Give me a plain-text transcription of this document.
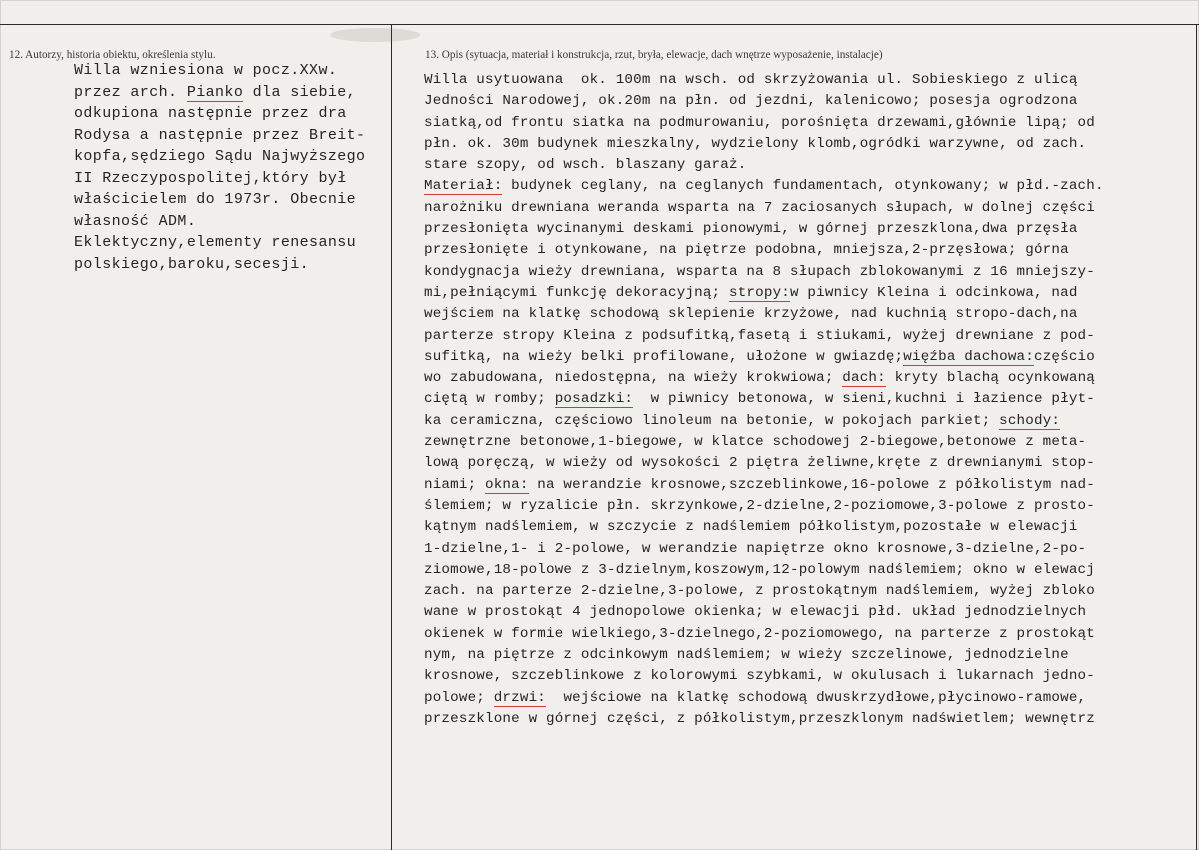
12. Autorzy, historia obiektu, określenia stylu.	13. Opis (sytuacja, materiał i konstrukcja, rzut, bryła, elewacje, dach wnętrze wyposażenie, instalacje)
Willa wzniesiona w pocz.XXw.
przez arch. Pianko dla siebie,
odkupiona następnie przez dra
Rodysa a następnie przez Breit-
kopfa,sędziego Sądu Najwyższego
II Rzeczypospolitej,który był
właścicielem do 1973r. Obecnie
własność ADM.
Eklektyczny,elementy renesansu
polskiego,baroku,secesji.
Willa usytuowana  ok. 100m na wsch. od skrzyżowania ul. Sobieskiego z ulicą
Jedności Narodowej, ok.20m na płn. od jezdni, kalenicowo; posesja ogrodzona
siatką,od frontu siatka na podmurowaniu, porośnięta drzewami,głównie lipą; od
płn. ok. 30m budynek mieszkalny, wydzielony klomb,ogródki warzywne, od zach.
stare szopy, od wsch. blaszany garaż.
Materiał: budynek ceglany, na ceglanych fundamentach, otynkowany; w płd.-zach.
narożniku drewniana weranda wsparta na 7 zaciosanych słupach, w dolnej części
przesłonięta wycinanymi deskami pionowymi, w górnej przeszklona,dwa przęsła
przesłonięte i otynkowane, na piętrze podobna, mniejsza,2-przęsłowa; górna
kondygnacja wieży drewniana, wsparta na 8 słupach zblokowanymi z 16 mniejszy-
mi,pełniącymi funkcję dekoracyjną; stropy:w piwnicy Kleina i odcinkowa, nad
wejściem na klatkę schodową sklepienie krzyżowe, nad kuchnią stropo-dach,na
parterze stropy Kleina z podsufitką,fasetą i stiukami, wyżej drewniane z pod-
sufitką, na wieży belki profilowane, ułożone w gwiazdę;więźba dachowa:częścio
wo zabudowana, niedostępna, na wieży krokwiowa; dach: kryty blachą ocynkowaną
ciętą w romby; posadzki:  w piwnicy betonowa, w sieni,kuchni i łazience płyt-
ka ceramiczna, częściowo linoleum na betonie, w pokojach parkiet; schody:
zewnętrzne betonowe,1-biegowe, w klatce schodowej 2-biegowe,betonowe z meta-
lową poręczą, w wieży od wysokości 2 piętra żeliwne,kręte z drewnianymi stop-
niami; okna: na werandzie krosnowe,szczeblinkowe,16-polowe z półkolistym nad-
ślemiem; w ryzalicie płn. skrzynkowe,2-dzielne,2-poziomowe,3-polowe z prosto-
kątnym nadślemiem, w szczycie z nadślemiem półkolistym,pozostałe w elewacji
1-dzielne,1- i 2-polowe, w werandzie napiętrze okno krosnowe,3-dzielne,2-po-
ziomowe,18-polowe z 3-dzielnym,koszowym,12-polowym nadślemiem; okno w elewacj
zach. na parterze 2-dzielne,3-polowe, z prostokątnym nadślemiem, wyżej zbloko
wane w prostokąt 4 jednopolowe okienka; w elewacji płd. układ jednodzielnych
okienek w formie wielkiego,3-dzielnego,2-poziomowego, na parterze z prostokąt
nym, na piętrze z odcinkowym nadślemiem; w wieży szczelinowe, jednodzielne
krosnowe, szczeblinkowe z kolorowymi szybkami, w okulusach i lukarnach jedno-
polowe; drzwi:  wejściowe na klatkę schodową dwuskrzydłowe,płycinowo-ramowe,
przeszklone w górnej części, z półkolistym,przeszklonym nadświetlem; wewnętrz
